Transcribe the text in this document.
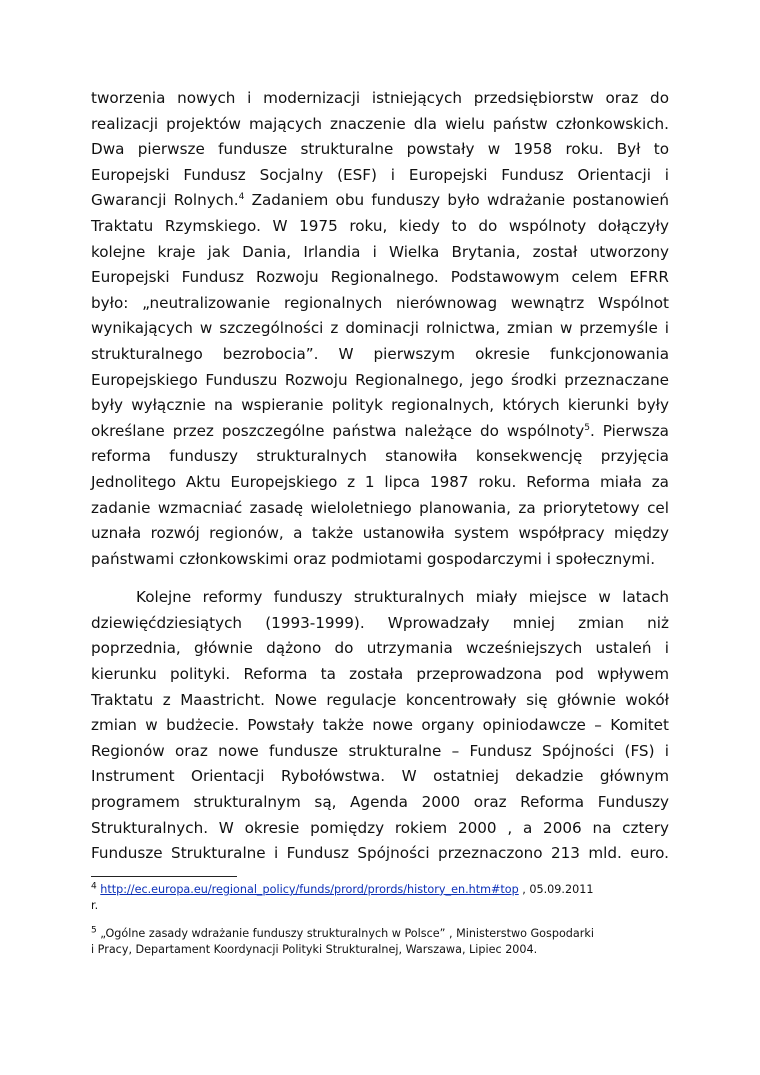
tworzenia nowych i modernizacji istniejących przedsiębiorstw oraz do
realizacji projektów mających znaczenie dla wielu państw członkowskich.
Dwa pierwsze fundusze strukturalne powstały w 1958 roku. Był to
Europejski Fundusz Socjalny (ESF) i Europejski Fundusz Orientacji i
Gwarancji Rolnych.$^4$ Zadaniem obu funduszy było wdrażanie postanowień
Traktatu Rzymskiego. W 1975 roku, kiedy to do wspólnoty dołączyły
kolejne kraje jak Dania, Irlandia i Wielka Brytania, został utworzony
Europejski Fundusz Rozwoju Regionalnego. Podstawowym celem EFRR
było: „neutralizowanie regionalnych nierównowag wewnątrz Wspólnot
wynikających w szczególności z dominacji rolnictwa, zmian w przemyśle i
strukturalnego bezrobocia”. W pierwszym okresie funkcjonowania
Europejskiego Funduszu Rozwoju Regionalnego, jego środki przeznaczane
były wyłącznie na wspieranie polityk regionalnych, których kierunki były
określane przez poszczególne państwa należące do wspólnoty$^5$. Pierwsza
reforma funduszy strukturalnych stanowiła konsekwencję przyjęcia
Jednolitego Aktu Europejskiego z 1 lipca 1987 roku. Reforma miała za
zadanie wzmacniać zasadę wieloletniego planowania, za priorytetowy cel
uznała rozwój regionów, a także ustanowiła system współpracy między
państwami członkowskimi oraz podmiotami gospodarczymi i społecznymi.

Kolejne reformy funduszy strukturalnych miały miejsce w latach
dziewięćdziesiątych (1993-1999). Wprowadzały mniej zmian niż
poprzednia, głównie dążono do utrzymania wcześniejszych ustaleń i
kierunku polityki. Reforma ta została przeprowadzona pod wpływem
Traktatu z Maastricht. Nowe regulacje koncentrowały się głównie wokół
zmian w budżecie. Powstały także nowe organy opiniodawcze – Komitet
Regionów oraz nowe fundusze strukturalne – Fundusz Spójności (FS) i
Instrument Orientacji Rybołówstwa. W ostatniej dekadzie głównym
programem strukturalnym są, Agenda 2000 oraz Reforma Funduszy
Strukturalnych. W okresie pomiędzy rokiem 2000 , a 2006 na cztery
Fundusze Strukturalne i Fundusz Spójności przeznaczono 213 mld. euro.

$^4$ http://ec.europa.eu/regional_policy/funds/prord/prords/history_en.htm#top , 05.09.2011
r.
$^5$ „Ogólne zasady wdrażanie funduszy strukturalnych w Polsce” , Ministerstwo Gospodarki
i Pracy, Departament Koordynacji Polityki Strukturalnej, Warszawa, Lipiec 2004.
